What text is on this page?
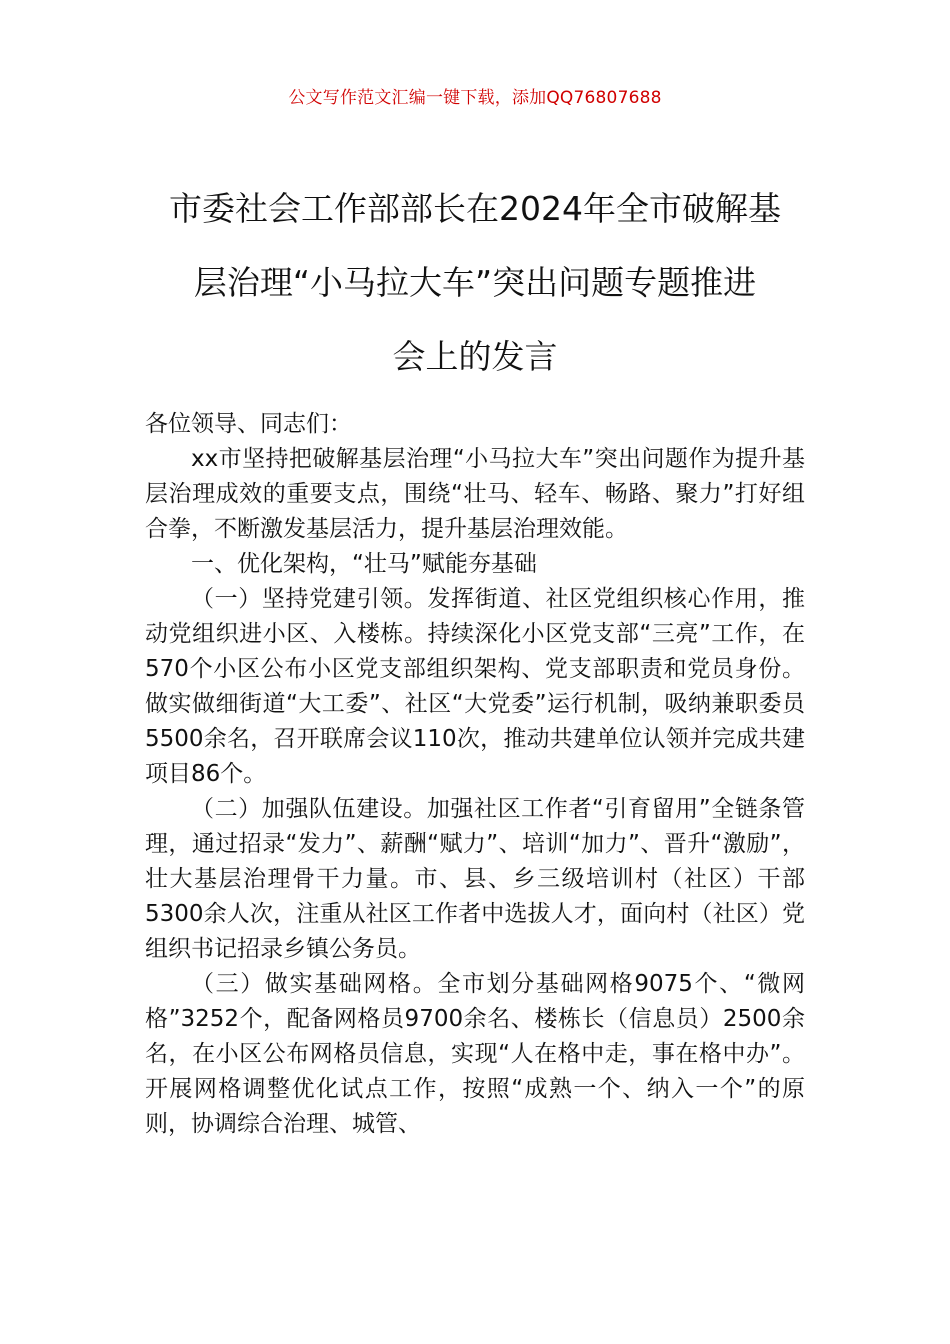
公文写作范文汇编一键下载，添加QQ76807688
市委社会工作部部长在2024年全市破解基
层治理“小马拉大车”突出问题专题推进
会上的发言

各位领导、同志们：

xx市坚持把破解基层治理“小马拉大车”突出问题作为提升基层治理成效的重要支点，围绕“壮马、轻车、畅路、聚力”打好组合拳，不断激发基层活力，提升基层治理效能。

一、优化架构，“壮马”赋能夯基础

（一）坚持党建引领。发挥街道、社区党组织核心作用，推动党组织进小区、入楼栋。持续深化小区党支部“三亮”工作，在570个小区公布小区党支部组织架构、党支部职责和党员身份。做实做细街道“大工委”、社区“大党委”运行机制，吸纳兼职委员5500余名，召开联席会议110次，推动共建单位认领并完成共建项目86个。

（二）加强队伍建设。加强社区工作者“引育留用”全链条管理，通过招录“发力”、薪酬“赋力”、培训“加力”、晋升“激励”，壮大基层治理骨干力量。市、县、乡三级培训村（社区）干部5300余人次，注重从社区工作者中选拔人才，面向村（社区）党组织书记招录乡镇公务员。

（三）做实基础网格。全市划分基础网格9075个、“微网格”3252个，配备网格员9700余名、楼栋长（信息员）2500余名，在小区公布网格员信息，实现“人在格中走，事在格中办”。开展网格调整优化试点工作，按照“成熟一个、纳入一个”的原则，协调综合治理、城管、
